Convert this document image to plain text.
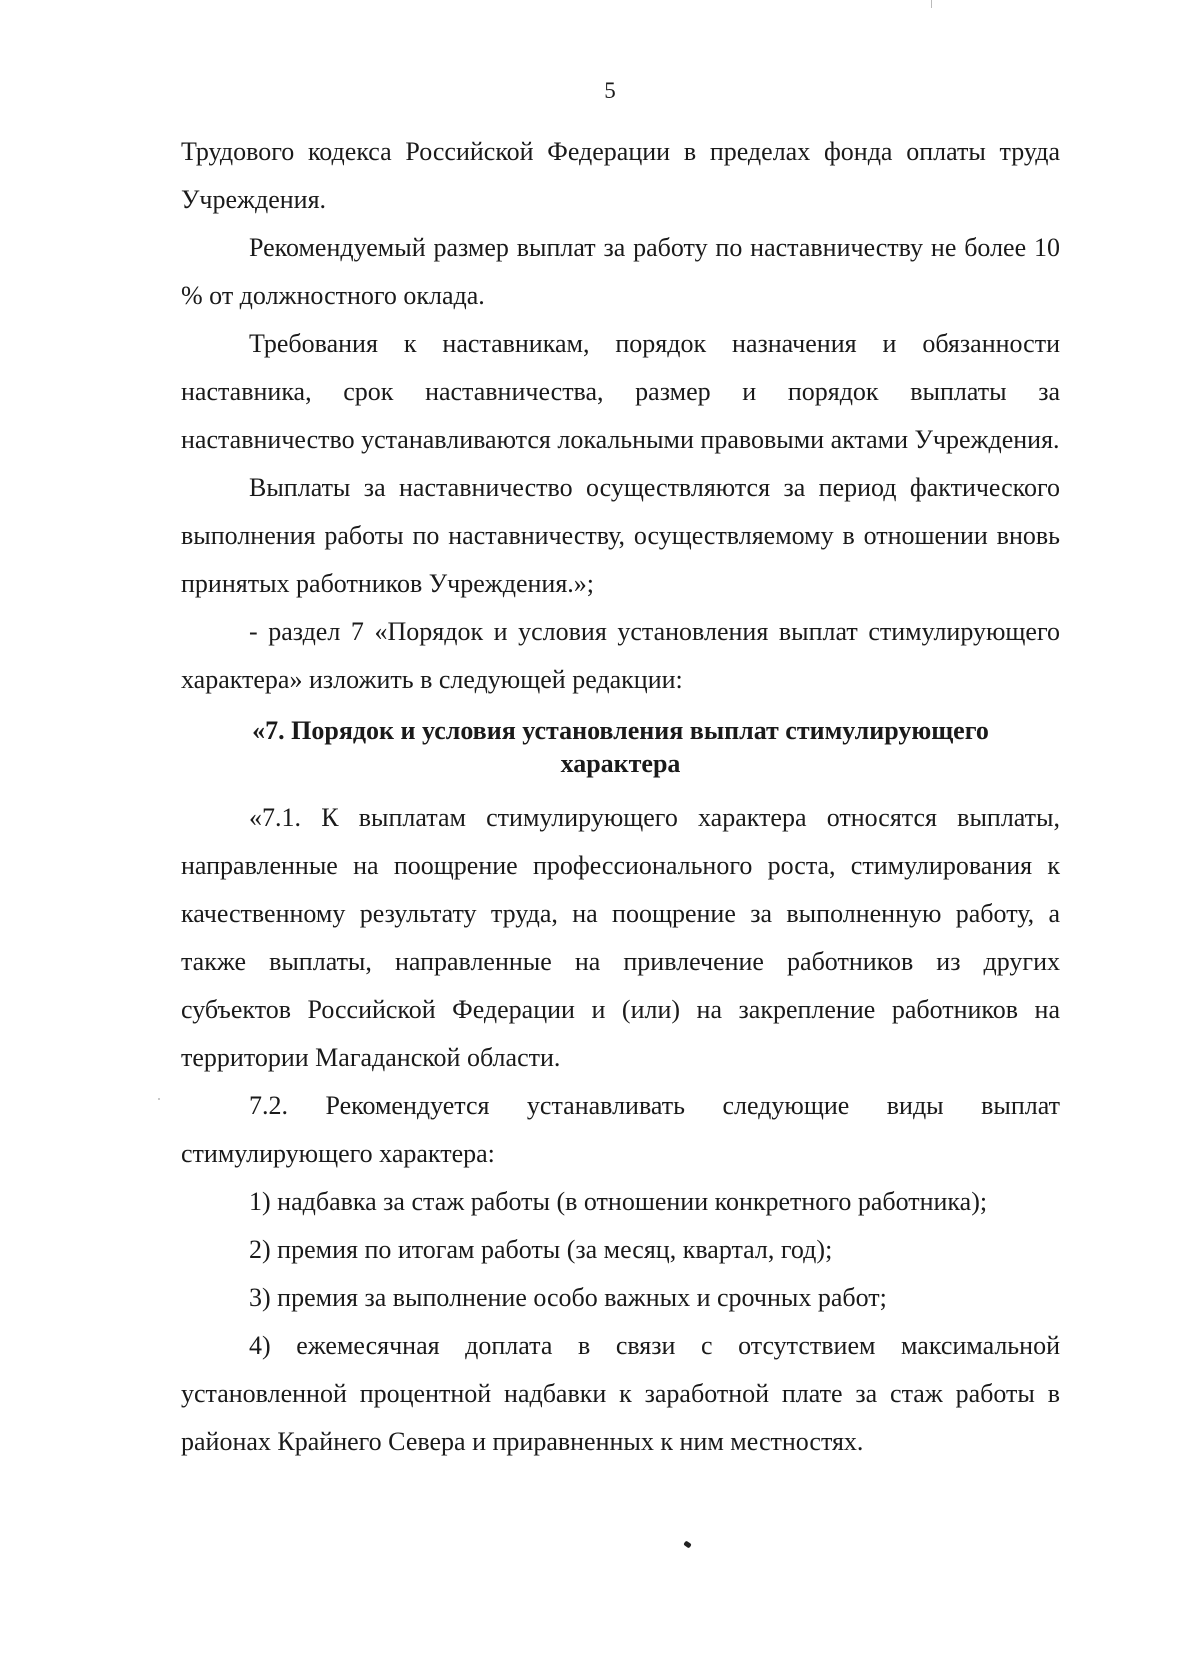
5

Трудового кодекса Российской Федерации в пределах фонда оплаты труда Учреждения.

Рекомендуемый размер выплат за работу по наставничеству не более 10 % от должностного оклада.

Требования к наставникам, порядок назначения и обязанности наставника, срок наставничества, размер и порядок выплаты за наставничество устанавливаются локальными правовыми актами Учреждения.

Выплаты за наставничество осуществляются за период фактического выполнения работы по наставничеству, осуществляемому в отношении вновь принятых работников Учреждения.»;

- раздел 7 «Порядок и условия установления выплат стимулирующего характера» изложить в следующей редакции:

«7. Порядок и условия установления выплат стимулирующего
характера

«7.1. К выплатам стимулирующего характера относятся выплаты, направленные на поощрение профессионального роста, стимулирования к качественному результату труда, на поощрение за выполненную работу, а также выплаты, направленные на привлечение работников из других субъектов Российской Федерации и (или) на закрепление работников на территории Магаданской области.

7.2. Рекомендуется устанавливать следующие виды выплат стимулирующего характера:

1) надбавка за стаж работы (в отношении конкретного работника);

2) премия по итогам работы (за месяц, квартал, год);

3) премия за выполнение особо важных и срочных работ;

4) ежемесячная доплата в связи с отсутствием максимальной установленной процентной надбавки к заработной плате за стаж работы в районах Крайнего Севера и приравненных к ним местностях.
